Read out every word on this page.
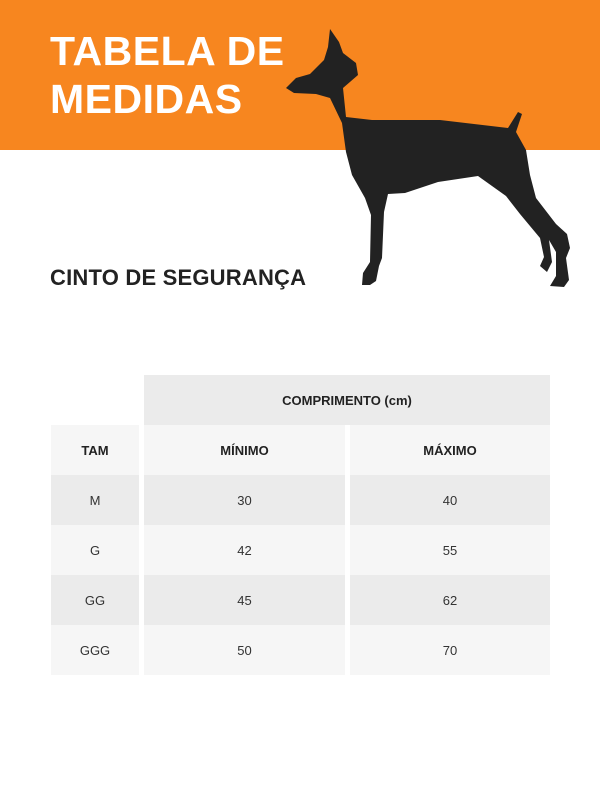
TABELA DE
MEDIDAS
CINTO DE SEGURANÇA
COMPRIMENTO (cm)
TAM	MÍNIMO	MÁXIMO
M	30	40
G	42	55
GG	45	62
GGG	50	70
